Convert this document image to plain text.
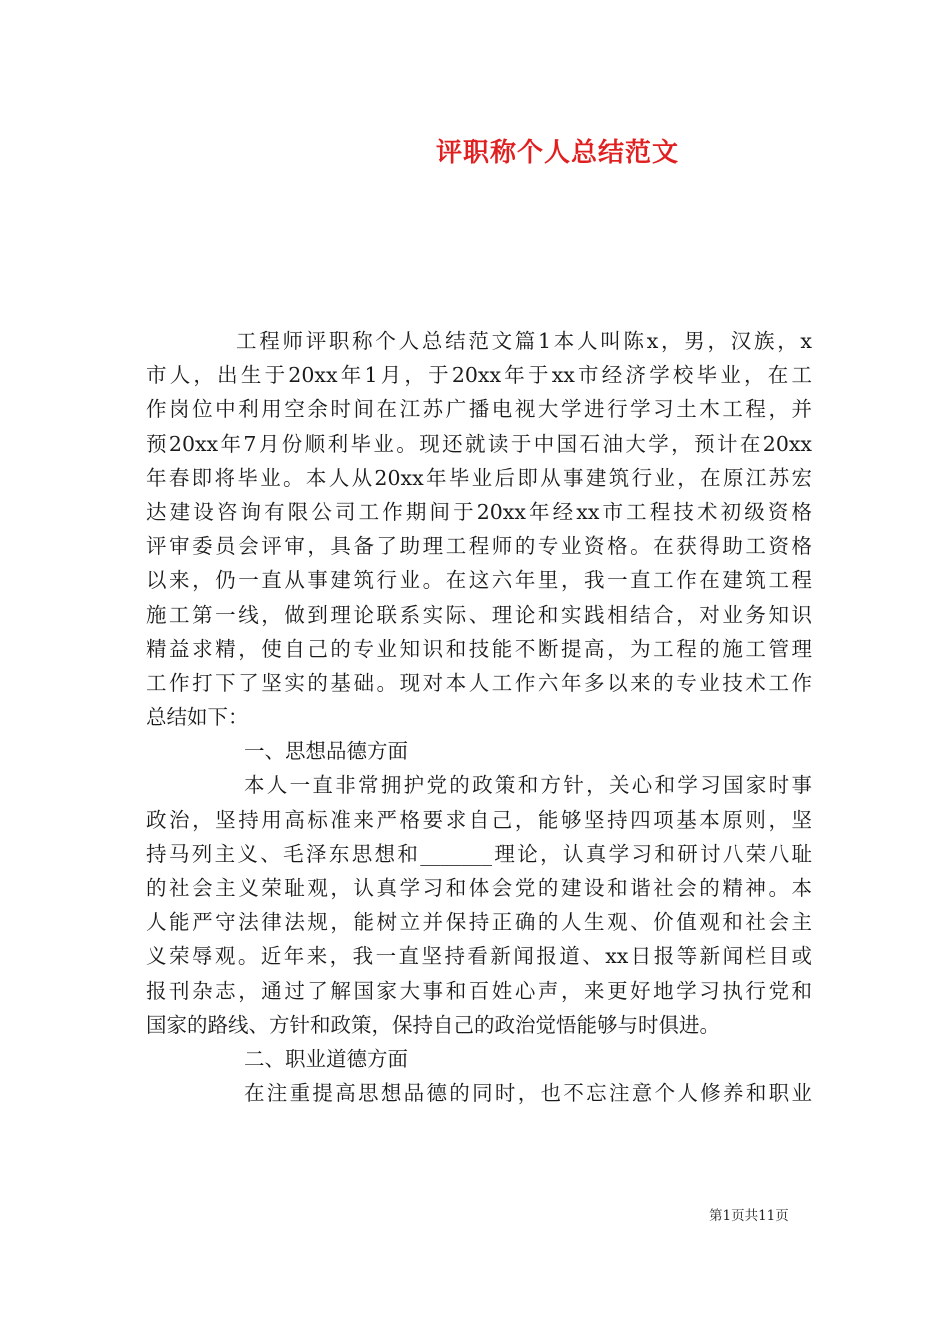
评职称个人总结范文
工程师评职称个人总结范文篇1本人叫陈x，男，汉族，x
市人，出生于20xx年1月，于20xx年于xx市经济学校毕业，在工
作岗位中利用空余时间在江苏广播电视大学进行学习土木工程，并
预20xx年7月份顺利毕业。现还就读于中国石油大学，预计在20xx
年春即将毕业。本人从20xx年毕业后即从事建筑行业，在原江苏宏
达建设咨询有限公司工作期间于20xx年经xx市工程技术初级资格
评审委员会评审，具备了助理工程师的专业资格。在获得助工资格
以来，仍一直从事建筑行业。在这六年里，我一直工作在建筑工程
施工第一线，做到理论联系实际、理论和实践相结合，对业务知识
精益求精，使自己的专业知识和技能不断提高，为工程的施工管理
工作打下了坚实的基础。现对本人工作六年多以来的专业技术工作
总结如下：
一、思想品德方面
本人一直非常拥护党的政策和方针，关心和学习国家时事
政治，坚持用高标准来严格要求自己，能够坚持四项基本原则，坚
持马列主义、毛泽东思想和_______理论，认真学习和研讨八荣八耻
的社会主义荣耻观，认真学习和体会党的建设和谐社会的精神。本
人能严守法律法规，能树立并保持正确的人生观、价值观和社会主
义荣辱观。近年来，我一直坚持看新闻报道、xx日报等新闻栏目或
报刊杂志，通过了解国家大事和百姓心声，来更好地学习执行党和
国家的路线、方针和政策，保持自己的政治觉悟能够与时俱进。
二、职业道德方面
在注重提高思想品德的同时，也不忘注意个人修养和职业
第1页共11页
